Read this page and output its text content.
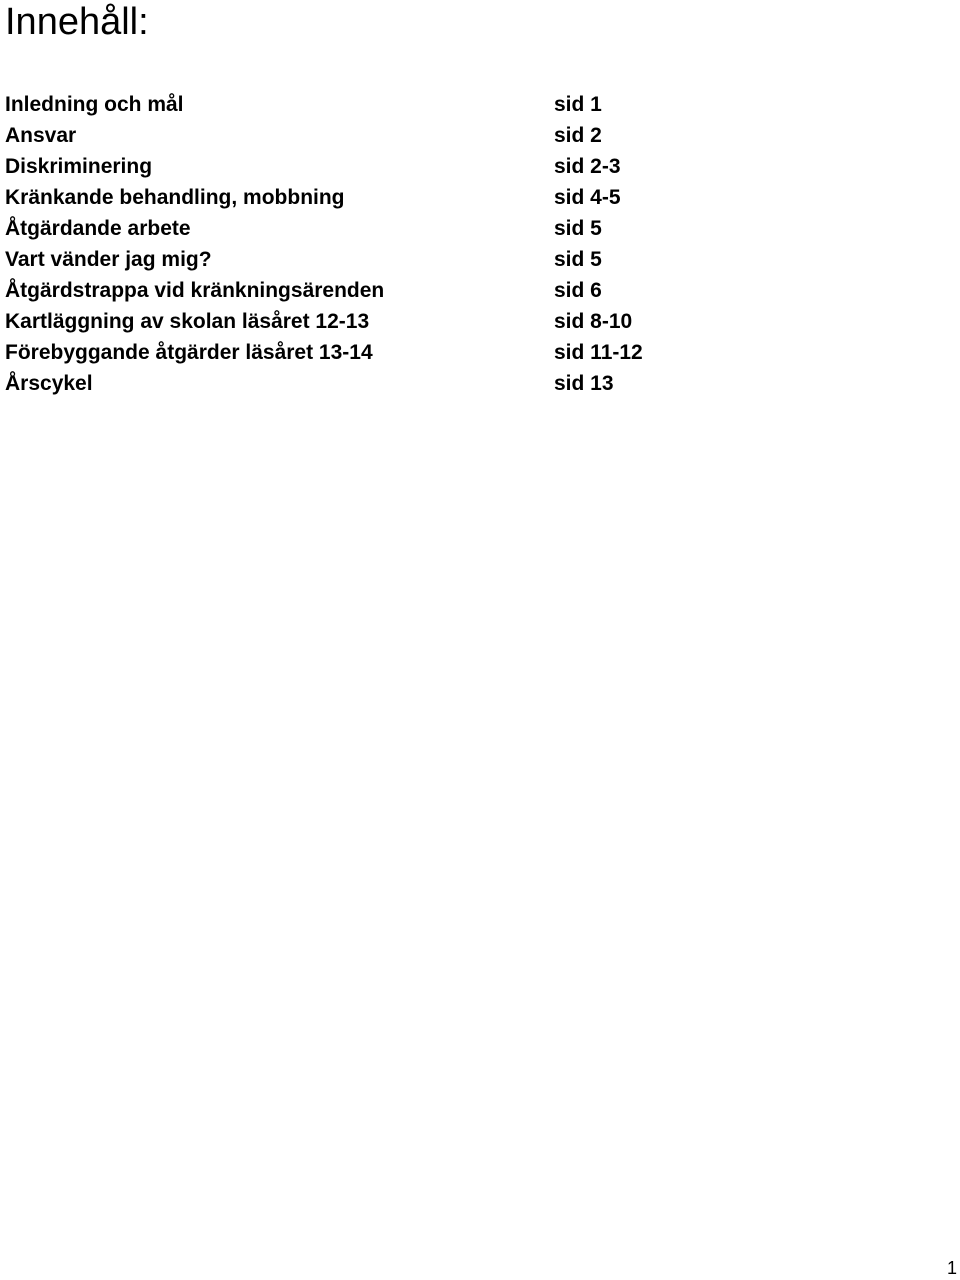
Innehåll:
Inledning och mål	sid 1
Ansvar	sid 2
Diskriminering	sid 2-3
Kränkande behandling, mobbning	sid 4-5
Åtgärdande arbete	sid 5
Vart vänder jag mig?	sid 5
Åtgärdstrappa vid kränkningsärenden	sid 6
Kartläggning av skolan läsåret 12-13	sid 8-10
Förebyggande åtgärder läsåret 13-14	sid 11-12
Årscykel	sid 13
1
